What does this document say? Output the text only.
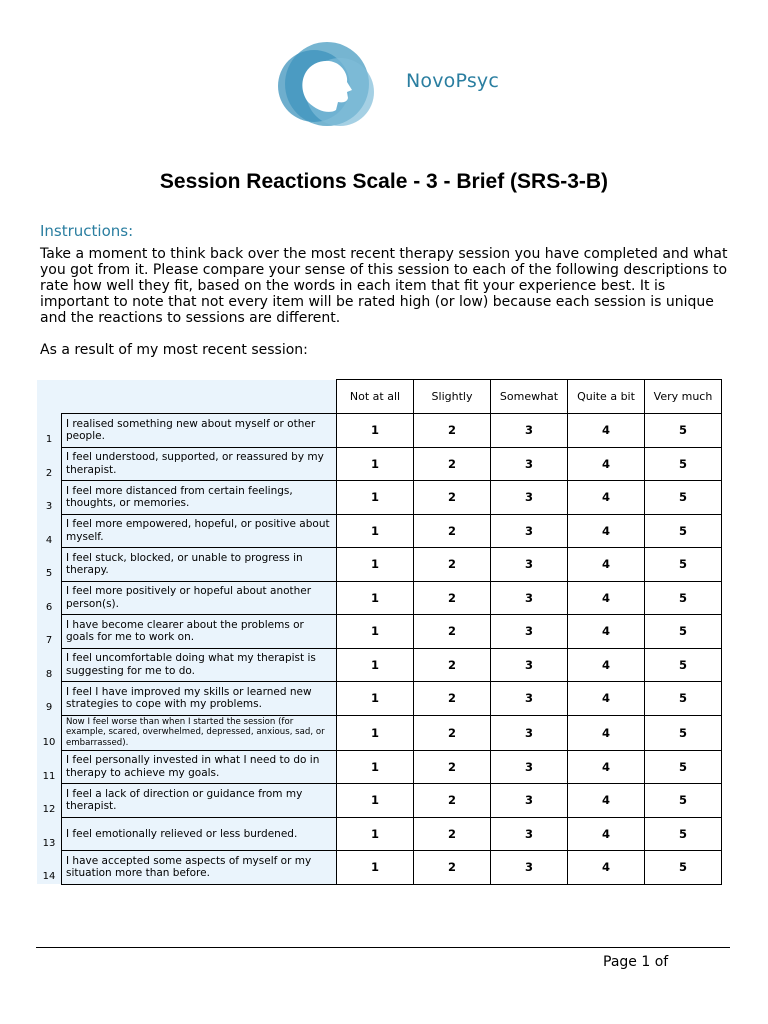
NovoPsyc
Session Reactions Scale - 3 - Brief (SRS-3-B)
Instructions:
Take a moment to think back over the most recent therapy session you have completed and what you got from it. Please compare your sense of this session to each of the following descriptions to rate how well they fit, based on the words in each item that fit your experience best. It is important to note that not every item will be rated high (or low) because each session is unique and the reactions to sessions are different.
As a result of my most recent session:
		Not at all	Slightly	Somewhat	Quite a bit	Very much
1	I realised something new about myself or other people.	1	2	3	4	5
2	I feel understood, supported, or reassured by my therapist.	1	2	3	4	5
3	I feel more distanced from certain feelings, thoughts, or memories.	1	2	3	4	5
4	I feel more empowered, hopeful, or positive about myself.	1	2	3	4	5
5	I feel stuck, blocked, or unable to progress in therapy.	1	2	3	4	5
6	I feel more positively or hopeful about another person(s).	1	2	3	4	5
7	I have become clearer about the problems or goals for me to work on.	1	2	3	4	5
8	I feel uncomfortable doing what my therapist is suggesting for me to do.	1	2	3	4	5
9	I feel I have improved my skills or learned new strategies to cope with my problems.	1	2	3	4	5
10	Now I feel worse than when I started the session (for example, scared, overwhelmed, depressed, anxious, sad, or embarrassed).	1	2	3	4	5
11	I feel personally invested in what I need to do in therapy to achieve my goals.	1	2	3	4	5
12	I feel a lack of direction or guidance from my therapist.	1	2	3	4	5
13	I feel emotionally relieved or less burdened.	1	2	3	4	5
14	I have accepted some aspects of myself or my situation more than before.	1	2	3	4	5
Page 1 of
